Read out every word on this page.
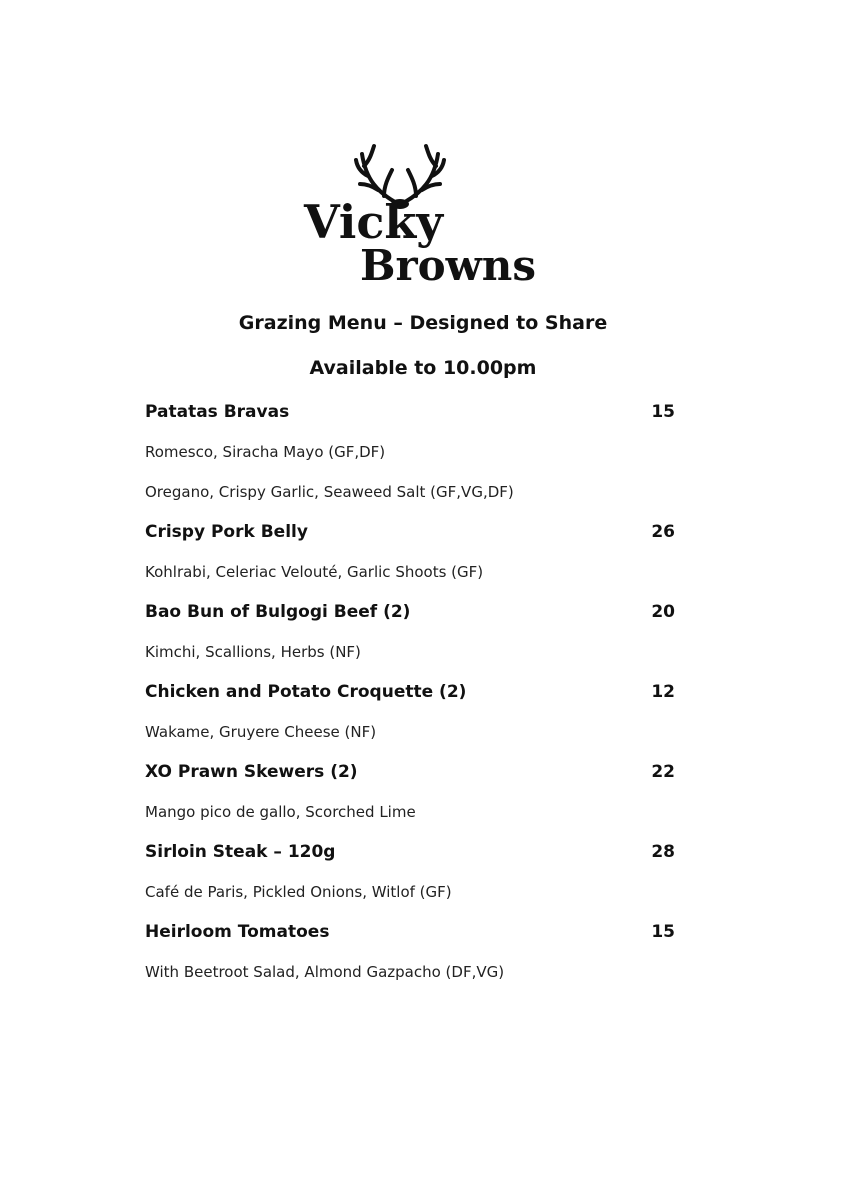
Vicky
Browns
Grazing Menu – Designed to Share
Available to 10.00pm
Patatas Bravas	15
Romesco, Siracha Mayo (GF,DF)
Oregano, Crispy Garlic, Seaweed Salt (GF,VG,DF)
Crispy Pork Belly	26
Kohlrabi, Celeriac Velouté, Garlic Shoots (GF)
Bao Bun of Bulgogi Beef (2)	20
Kimchi, Scallions, Herbs (NF)
Chicken and Potato Croquette (2)	12
Wakame, Gruyere Cheese (NF)
XO Prawn Skewers (2)	22
Mango pico de gallo, Scorched Lime
Sirloin Steak – 120g	28
Café de Paris, Pickled Onions, Witlof (GF)
Heirloom Tomatoes	15
With Beetroot Salad, Almond Gazpacho (DF,VG)
